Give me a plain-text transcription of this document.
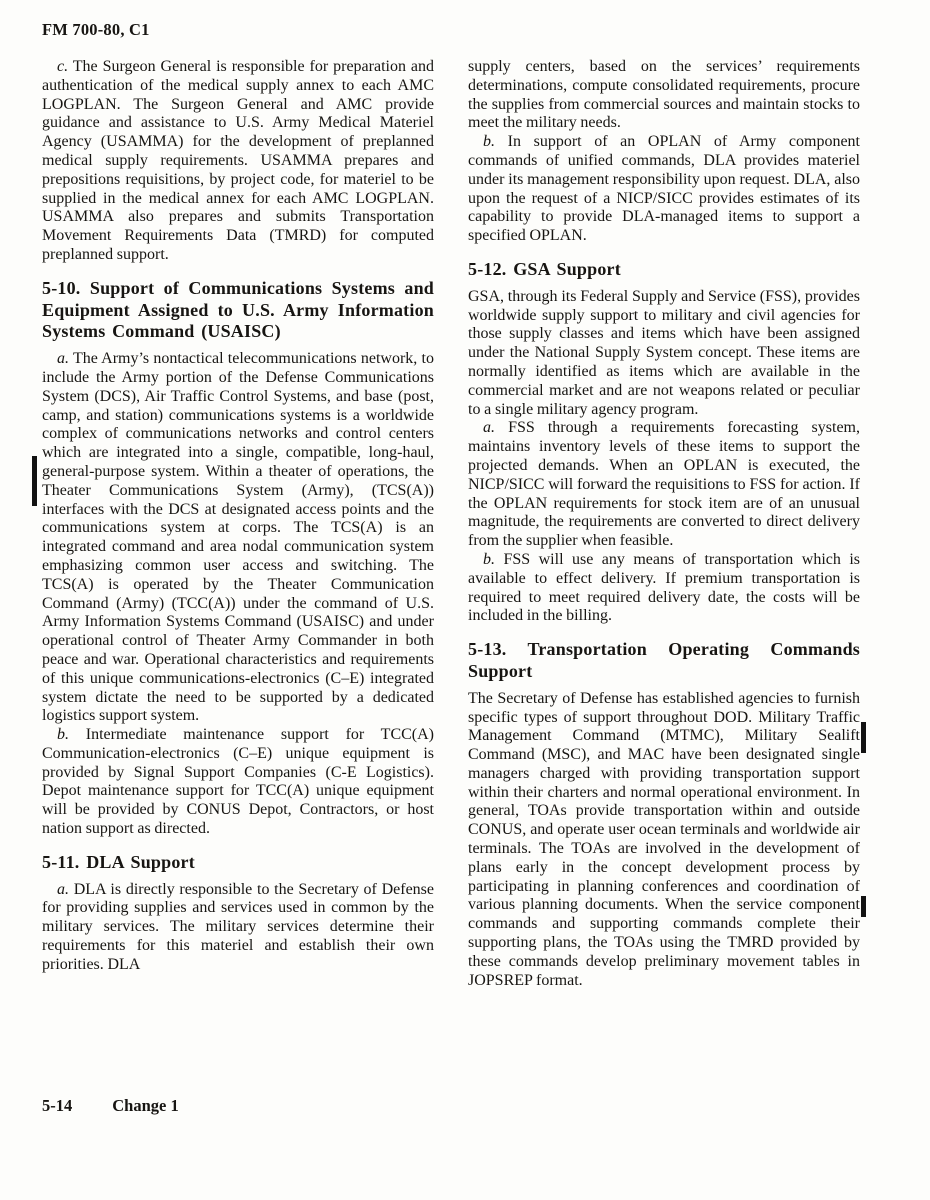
FM 700-80, C1

c. The Surgeon General is responsible for preparation and authentication of the medical supply annex to each AMC LOGPLAN. The Surgeon General and AMC provide guidance and assistance to U.S. Army Medical Materiel Agency (USAMMA) for the development of preplanned medical supply requirements. USAMMA prepares and prepositions requisitions, by project code, for materiel to be supplied in the medical annex for each AMC LOGPLAN. USAMMA also prepares and submits Transportation Movement Requirements Data (TMRD) for computed preplanned support.

5-10. Support of Communications Systems and Equipment Assigned to U.S. Army Information Systems Command (USAISC)

a. The Army’s nontactical telecommunications network, to include the Army portion of the Defense Communications System (DCS), Air Traffic Control Systems, and base (post, camp, and station) communications systems is a worldwide complex of communications networks and control centers which are integrated into a single, compatible, long-haul, general-purpose system. Within a theater of operations, the Theater Communications System (Army), (TCS(A)) interfaces with the DCS at designated access points and the communications system at corps. The TCS(A) is an integrated command and area nodal communication system emphasizing common user access and switching. The TCS(A) is operated by the Theater Communication Command (Army) (TCC(A)) under the command of U.S. Army Information Systems Command (USAISC) and under operational control of Theater Army Commander in both peace and war. Operational characteristics and requirements of this unique communications-electronics (C–E) integrated system dictate the need to be supported by a dedicated logistics support system.

b. Intermediate maintenance support for TCC(A) Communication-electronics (C–E) unique equipment is provided by Signal Support Companies (C-E Logistics). Depot maintenance support for TCC(A) unique equipment will be provided by CONUS Depot, Contractors, or host nation support as directed.

5-11. DLA Support

a. DLA is directly responsible to the Secretary of Defense for providing supplies and services used in common by the military services. The military services determine their requirements for this materiel and establish their own priorities. DLA

supply centers, based on the services’ requirements determinations, compute consolidated requirements, procure the supplies from commercial sources and maintain stocks to meet the military needs.

b. In support of an OPLAN of Army component commands of unified commands, DLA provides materiel under its management responsibility upon request. DLA, also upon the request of a NICP/SICC provides estimates of its capability to provide DLA-managed items to support a specified OPLAN.

5-12. GSA Support

GSA, through its Federal Supply and Service (FSS), provides worldwide supply support to military and civil agencies for those supply classes and items which have been assigned under the National Supply System concept. These items are normally identified as items which are available in the commercial market and are not weapons related or peculiar to a single military agency program.

a. FSS through a requirements forecasting system, maintains inventory levels of these items to support the projected demands. When an OPLAN is executed, the NICP/SICC will forward the requisitions to FSS for action. If the OPLAN requirements for stock item are of an unusual magnitude, the requirements are converted to direct delivery from the supplier when feasible.

b. FSS will use any means of transportation which is available to effect delivery. If premium transportation is required to meet required delivery date, the costs will be included in the billing.

5-13. Transportation Operating Commands Support

The Secretary of Defense has established agencies to furnish specific types of support throughout DOD. Military Traffic Management Command (MTMC), Military Sealift Command (MSC), and MAC have been designated single managers charged with providing transportation support within their charters and normal operational environment. In general, TOAs provide transportation within and outside CONUS, and operate user ocean terminals and worldwide air terminals. The TOAs are involved in the development of plans early in the concept development process by participating in planning conferences and coordination of various planning documents. When the service component commands and supporting commands complete their supporting plans, the TOAs using the TMRD provided by these commands develop preliminary movement tables in JOPSREP format.

5-14 Change 1
